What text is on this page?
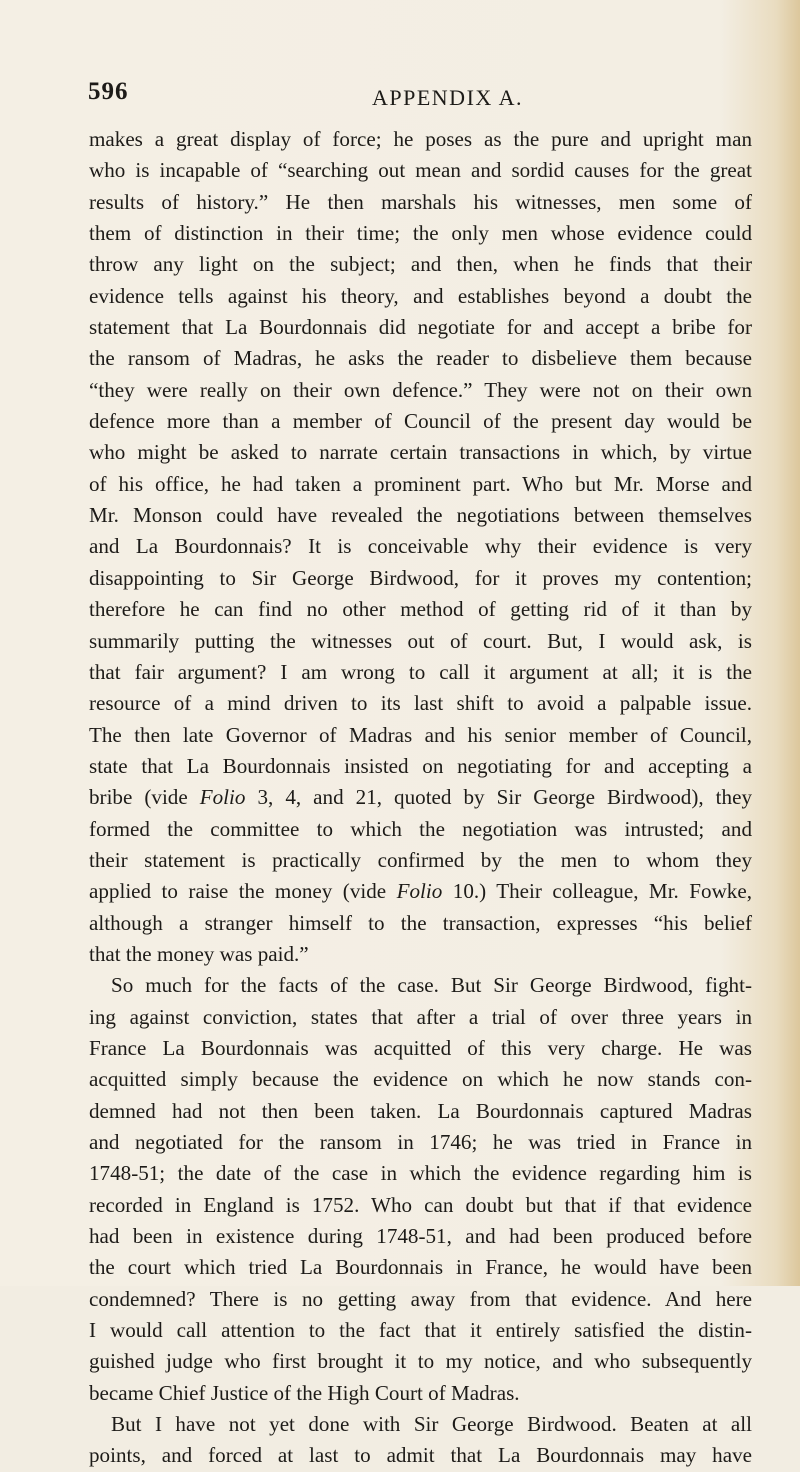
596	APPENDIX A.
makes a great display of force; he poses as the pure and upright man
who is incapable of “searching out mean and sordid causes for the great
results of history.” He then marshals his witnesses, men some of
them of distinction in their time; the only men whose evidence could
throw any light on the subject; and then, when he finds that their
evidence tells against his theory, and establishes beyond a doubt the
statement that La Bourdonnais did negotiate for and accept a bribe for
the ransom of Madras, he asks the reader to disbelieve them because
“they were really on their own defence.” They were not on their own
defence more than a member of Council of the present day would be
who might be asked to narrate certain transactions in which, by virtue
of his office, he had taken a prominent part. Who but Mr. Morse and
Mr. Monson could have revealed the negotiations between themselves
and La Bourdonnais? It is conceivable why their evidence is very
disappointing to Sir George Birdwood, for it proves my contention;
therefore he can find no other method of getting rid of it than by
summarily putting the witnesses out of court. But, I would ask, is
that fair argument? I am wrong to call it argument at all; it is the
resource of a mind driven to its last shift to avoid a palpable issue.
The then late Governor of Madras and his senior member of Council,
state that La Bourdonnais insisted on negotiating for and accepting a
bribe (vide Folio 3, 4, and 21, quoted by Sir George Birdwood), they
formed the committee to which the negotiation was intrusted; and
their statement is practically confirmed by the men to whom they
applied to raise the money (vide Folio 10.) Their colleague, Mr. Fowke,
although a stranger himself to the transaction, expresses “his belief
that the money was paid.”
So much for the facts of the case. But Sir George Birdwood, fight-
ing against conviction, states that after a trial of over three years in
France La Bourdonnais was acquitted of this very charge. He was
acquitted simply because the evidence on which he now stands con-
demned had not then been taken. La Bourdonnais captured Madras
and negotiated for the ransom in 1746; he was tried in France in
1748-51; the date of the case in which the evidence regarding him is
recorded in England is 1752. Who can doubt but that if that evidence
had been in existence during 1748-51, and had been produced before
the court which tried La Bourdonnais in France, he would have been
condemned? There is no getting away from that evidence. And here
I would call attention to the fact that it entirely satisfied the distin-
guished judge who first brought it to my notice, and who subsequently
became Chief Justice of the High Court of Madras.
But I have not yet done with Sir George Birdwood. Beaten at all
points, and forced at last to admit that La Bourdonnais may have
